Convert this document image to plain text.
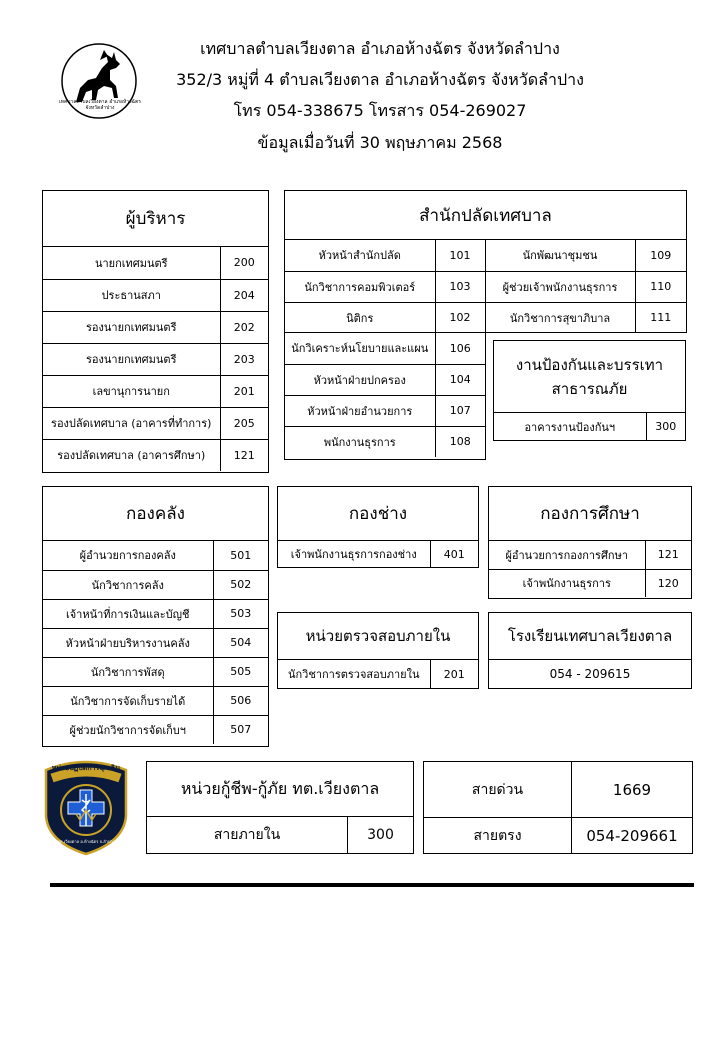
เทศบาลตำบลเวียงตาล อำเภอห้างฉัตร จังหวัดลำปาง
เทศบาลตำบลเวียงตาล อำเภอห้างฉัตร จังหวัดลำปาง
352/3 หมู่ที่ 4 ตำบลเวียงตาล อำเภอห้างฉัตร จังหวัดลำปาง
โทร 054-338675 โทรสาร 054-269027
ข้อมูลเมื่อวันที่ 30 พฤษภาคม 2568
ผู้บริหาร
นายกเทศมนตรี	200
ประธานสภา	204
รองนายกเทศมนตรี	202
รองนายกเทศมนตรี	203
เลขานุการนายก	201
รองปลัดเทศบาล (อาคารที่ทำการ)	205
รองปลัดเทศบาล (อาคารศึกษา)	121
สำนักปลัดเทศบาล
หัวหน้าสำนักปลัด	101	นักพัฒนาชุมชน	109
นักวิชาการคอมพิวเตอร์	103	ผู้ช่วยเจ้าพนักงานธุรการ	110
นิติกร	102	นักวิชาการสุขาภิบาล	111
นักวิเคราะห์นโยบายและแผน	106
หัวหน้าฝ่ายปกครอง	104
หัวหน้าฝ่ายอำนวยการ	107
พนักงานธุรการ	108
งานป้องกันและบรรเทา
สาธารณภัย
อาคารงานป้องกันฯ	300
กองคลัง
ผู้อำนวยการกองคลัง	501
นักวิชาการคลัง	502
เจ้าหน้าที่การเงินและบัญชี	503
หัวหน้าฝ่ายบริหารงานคลัง	504
นักวิชาการพัสดุ	505
นักวิชาการจัดเก็บรายได้	506
ผู้ช่วยนักวิชาการจัดเก็บฯ	507
กองช่าง
เจ้าพนักงานธุรการกองช่าง	401
กองการศึกษา
ผู้อำนวยการกองการศึกษา	121
เจ้าพนักงานธุรการ	120
หน่วยตรวจสอบภายใน
นักวิชาการตรวจสอบภายใน	201
โรงเรียนเทศบาลเวียงตาล
054 - 209615
หน่วยปฏิบัติการฉุกเฉิน
ทต.เวียงตาล อ.ห้างฉัตร จ.ลำปาง
หน่วยกู้ชีพ-กู้ภัย ทต.เวียงตาล
สายภายใน	300
สายด่วน	1669
สายตรง	054-209661
